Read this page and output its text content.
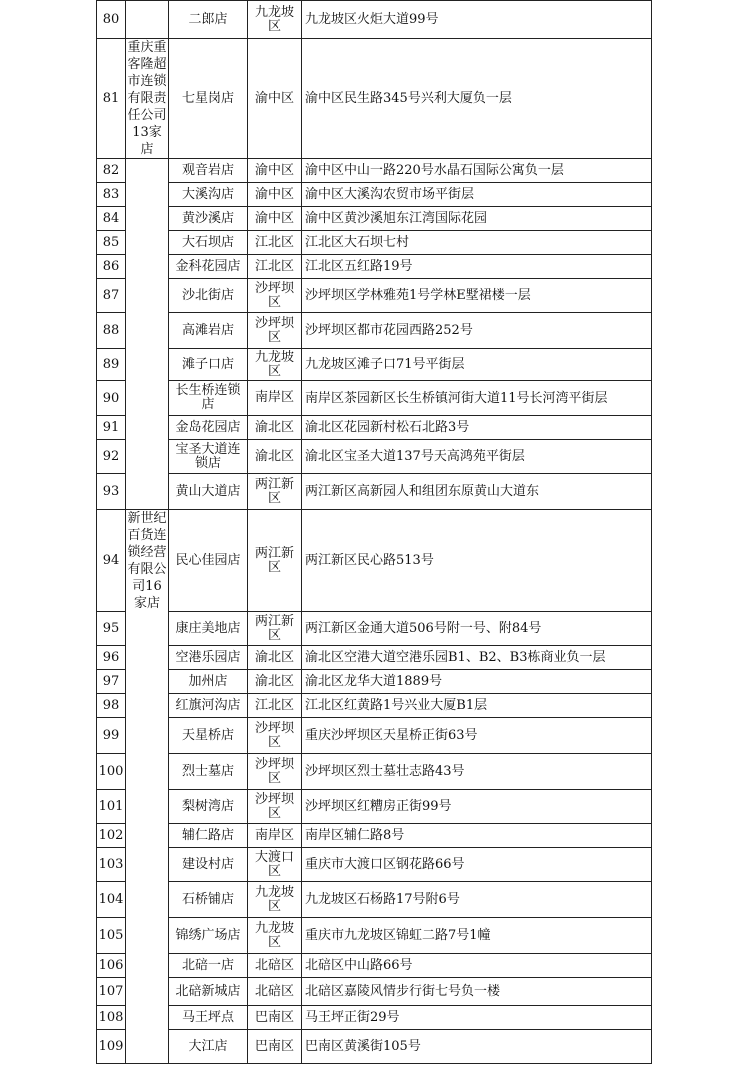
80		二郎店	九龙坡区	九龙坡区火炬大道99号
81	重庆重客隆超市连锁有限责任公司13家店	七星岗店	渝中区	渝中区民生路345号兴利大厦负一层
82		观音岩店	渝中区	渝中区中山一路220号水晶石国际公寓负一层
83		大溪沟店	渝中区	渝中区大溪沟农贸市场平街层
84		黄沙溪店	渝中区	渝中区黄沙溪旭东江湾国际花园
85		大石坝店	江北区	江北区大石坝七村
86		金科花园店	江北区	江北区五红路19号
87		沙北街店	沙坪坝区	沙坪坝区学林雅苑1号学林E墅裙楼一层
88		高滩岩店	沙坪坝区	沙坪坝区都市花园西路252号
89		滩子口店	九龙坡区	九龙坡区滩子口71号平街层
90		长生桥连锁店	南岸区	南岸区茶园新区长生桥镇河街大道11号长河湾平街层
91		金岛花园店	渝北区	渝北区花园新村松石北路3号
92		宝圣大道连锁店	渝北区	渝北区宝圣大道137号天高鸿苑平街层
93		黄山大道店	两江新区	两江新区高新园人和组团东原黄山大道东
94	新世纪百货连锁经营有限公司16家店	民心佳园店	两江新区	两江新区民心路513号
95		康庄美地店	两江新区	两江新区金通大道506号附一号、附84号
96		空港乐园店	渝北区	渝北区空港大道空港乐园B1、B2、B3栋商业负一层
97		加州店	渝北区	渝北区龙华大道1889号
98		红旗河沟店	江北区	江北区红黄路1号兴业大厦B1层
99		天星桥店	沙坪坝区	重庆沙坪坝区天星桥正街63号
100		烈士墓店	沙坪坝区	沙坪坝区烈士墓壮志路43号
101		梨树湾店	沙坪坝区	沙坪坝区红糟房正街99号
102		辅仁路店	南岸区	南岸区辅仁路8号
103		建设村店	大渡口区	重庆市大渡口区钢花路66号
104		石桥铺店	九龙坡区	九龙坡区石杨路17号附6号
105		锦绣广场店	九龙坡区	重庆市九龙坡区锦虹二路7号1幢
106		北碚一店	北碚区	北碚区中山路66号
107		北碚新城店	北碚区	北碚区嘉陵风情步行街七号负一楼
108		马王坪点	巴南区	马王坪正街29号
109		大江店	巴南区	巴南区黄溪街105号
